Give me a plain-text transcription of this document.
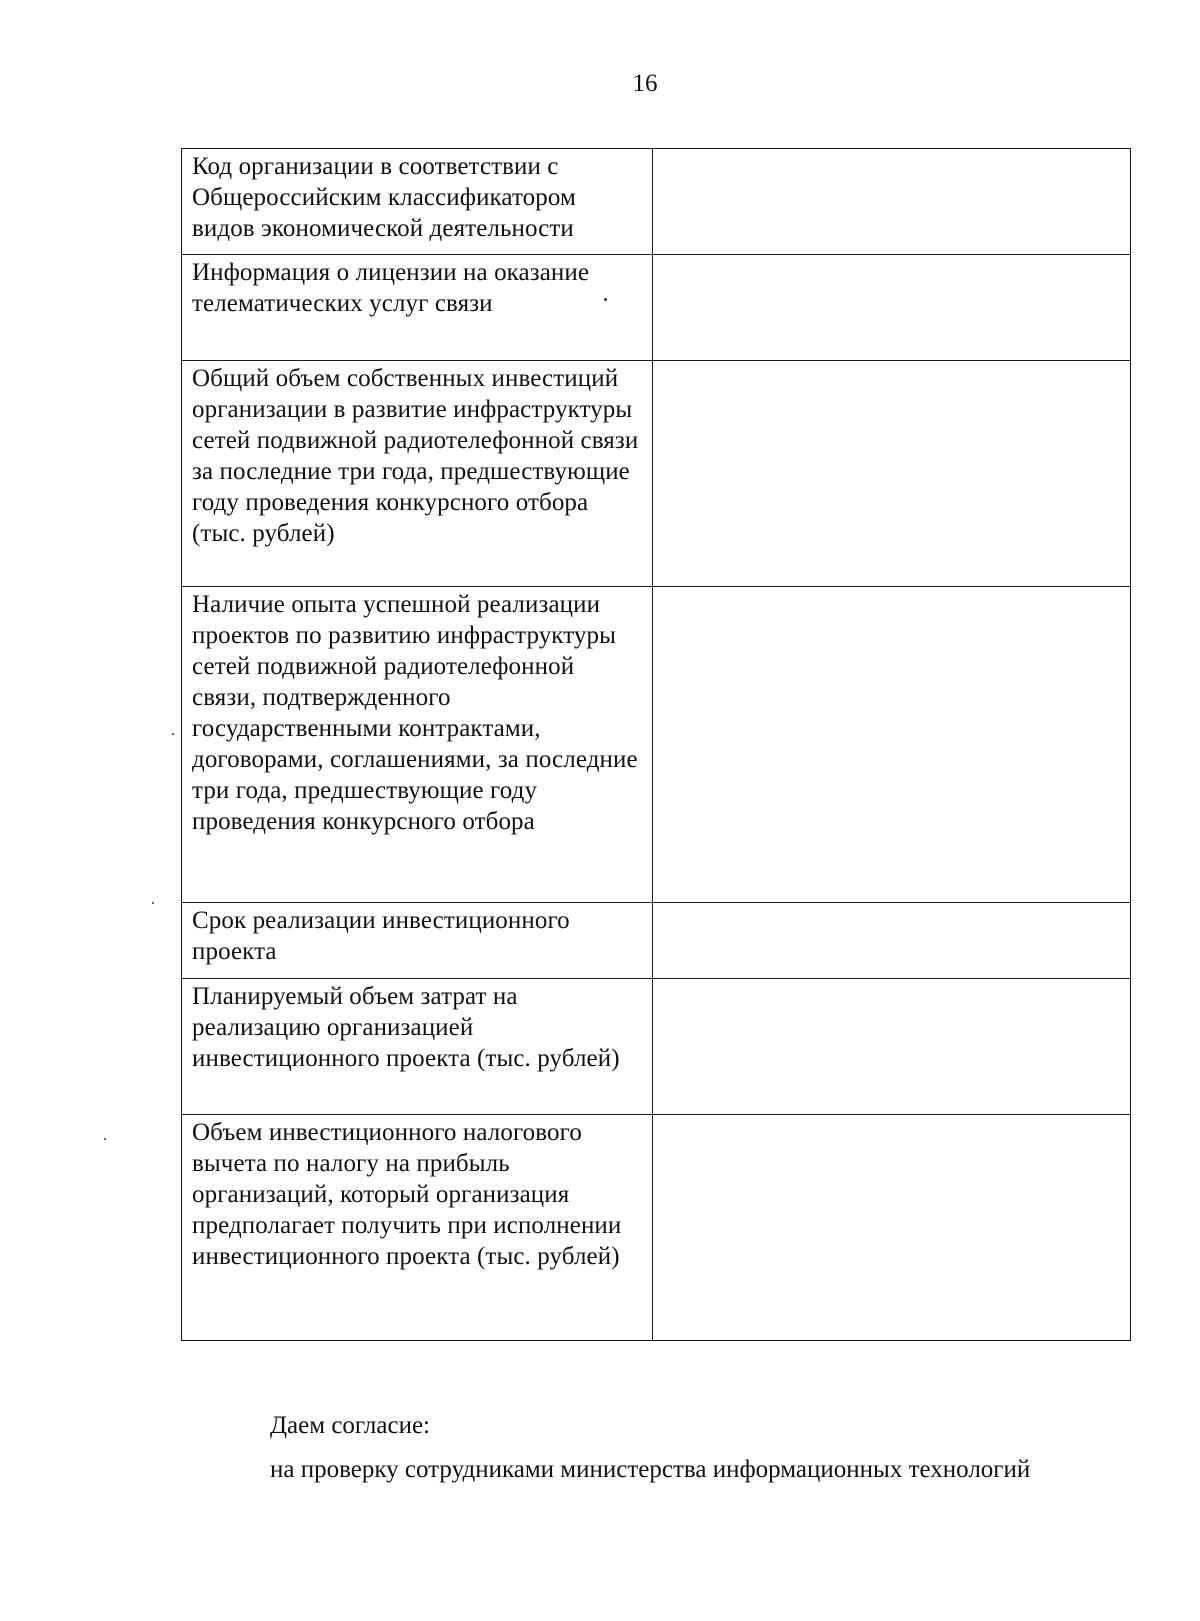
16
Код организации в соответствии с Общероссийским классификатором видов экономической деятельности	
Информация о лицензии на оказание телематических услуг связи	
Общий объем собственных инвестиций организации в развитие инфраструктуры сетей подвижной радиотелефонной связи за последние три года, предшествующие году проведения конкурсного отбора (тыс. рублей)	
Наличие опыта успешной реализации проектов по развитию инфраструктуры сетей подвижной радиотелефонной связи, подтвержденного государственными контрактами, договорами, соглашениями, за последние три года, предшествующие году проведения конкурсного отбора	
Срок реализации инвестиционного проекта	
Планируемый объем затрат на реализацию организацией инвестиционного проекта (тыс. рублей)	
Объем инвестиционного налогового вычета по налогу на прибыль организаций, который организация предполагает получить при исполнении инвестиционного проекта (тыс. рублей)	
Даем согласие:
на проверку сотрудниками министерства информационных технологий
